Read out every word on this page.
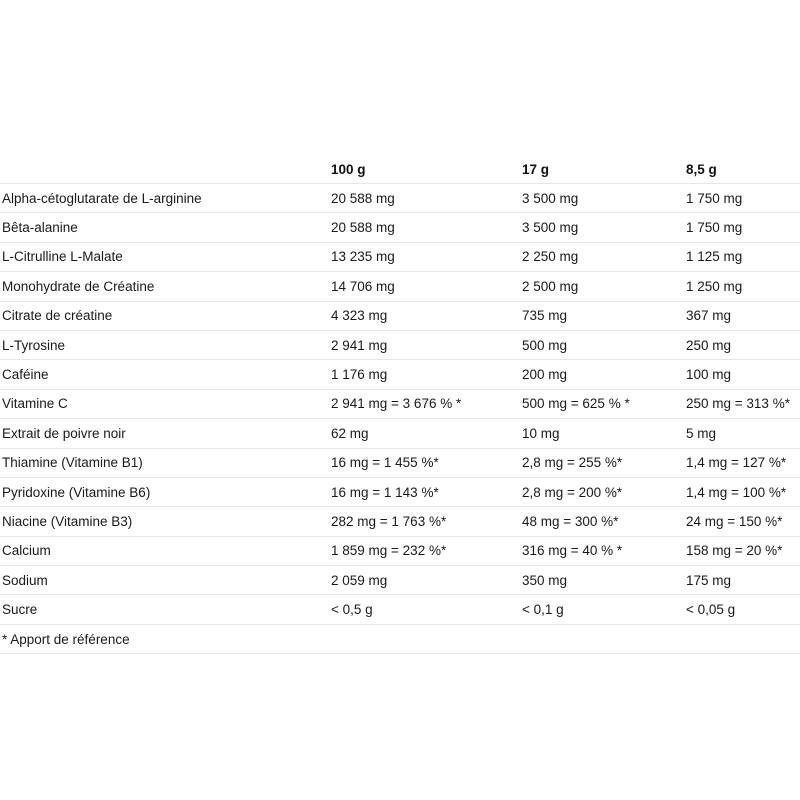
	100 g	17 g	8,5 g
Alpha-cétoglutarate de L-arginine	20 588 mg	3 500 mg	1 750 mg
Bêta-alanine	20 588 mg	3 500 mg	1 750 mg
L-Citrulline L-Malate	13 235 mg	2 250 mg	1 125 mg
Monohydrate de Créatine	14 706 mg	2 500 mg	1 250 mg
Citrate de créatine	4 323 mg	735 mg	367 mg
L-Tyrosine	2 941 mg	500 mg	250 mg
Caféine	1 176 mg	200 mg	100 mg
Vitamine C	2 941 mg = 3 676 % *	500 mg = 625 % *	250 mg = 313 %*
Extrait de poivre noir	62 mg	10 mg	5 mg
Thiamine (Vitamine B1)	16 mg = 1 455 %*	2,8 mg = 255 %*	1,4 mg = 127 %*
Pyridoxine (Vitamine B6)	16 mg = 1 143 %*	2,8 mg = 200 %*	1,4 mg = 100 %*
Niacine (Vitamine B3)	282 mg = 1 763 %*	48 mg = 300 %*	24 mg = 150 %*
Calcium	1 859 mg = 232 %*	316 mg = 40 % *	158 mg = 20 %*
Sodium	2 059 mg	350 mg	175 mg
Sucre	< 0,5 g	< 0,1 g	< 0,05 g
* Apport de référence			
